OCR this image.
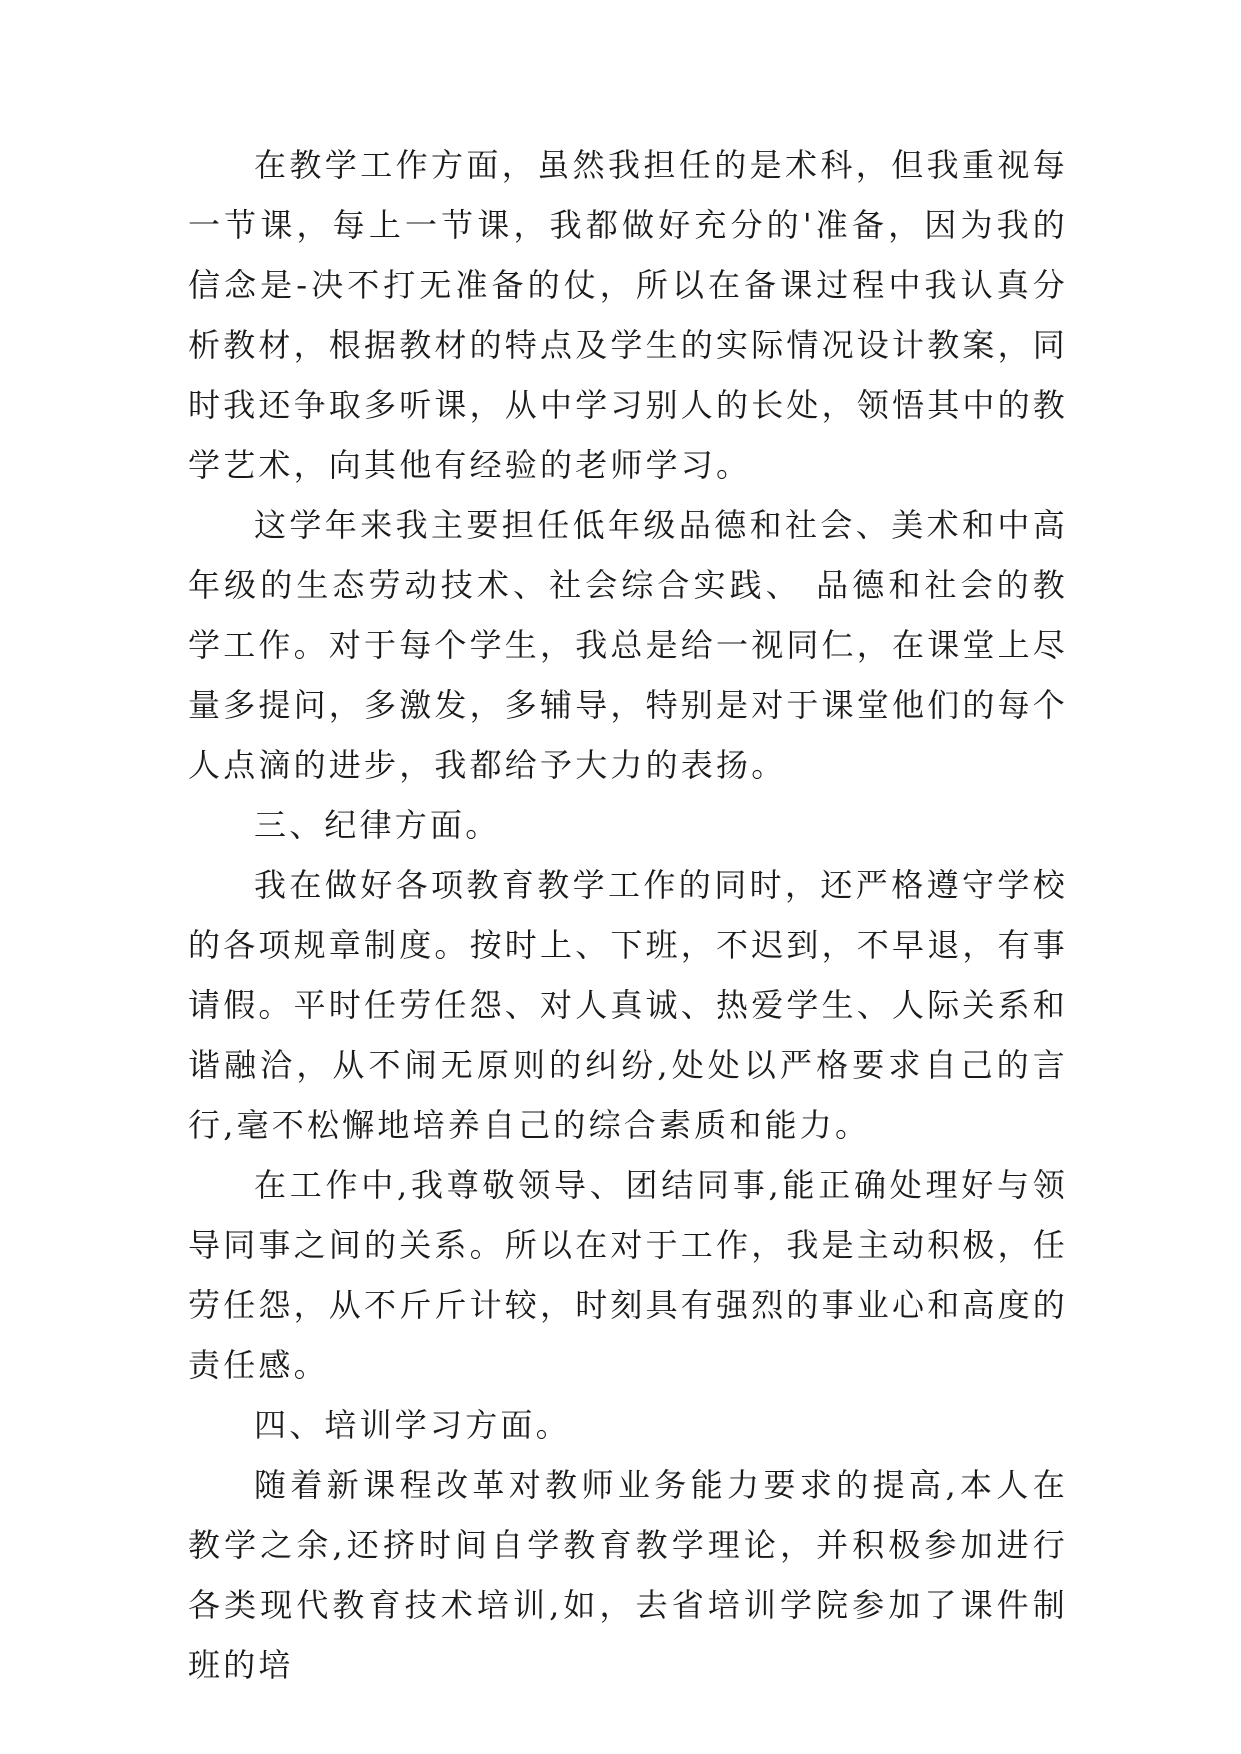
在教学工作方面，虽然我担任的是术科，但我重视每一节课，每上一节课，我都做好充分的'准备，因为我的信念是-决不打无准备的仗，所以在备课过程中我认真分析教材，根据教材的特点及学生的实际情况设计教案，同时我还争取多听课，从中学习别人的长处，领悟其中的教学艺术，向其他有经验的老师学习。

这学年来我主要担任低年级品德和社会、美术和中高年级的生态劳动技术、社会综合实践、 品德和社会的教学工作。对于每个学生，我总是给一视同仁，在课堂上尽量多提问，多激发，多辅导，特别是对于课堂他们的每个人点滴的进步，我都给予大力的表扬。

三、纪律方面。

我在做好各项教育教学工作的同时，还严格遵守学校的各项规章制度。按时上、下班，不迟到，不早退，有事请假。平时任劳任怨、对人真诚、热爱学生、人际关系和谐融洽，从不闹无原则的纠纷,处处以严格要求自己的言行,毫不松懈地培养自己的综合素质和能力。

在工作中,我尊敬领导、团结同事,能正确处理好与领导同事之间的关系。所以在对于工作，我是主动积极，任劳任怨，从不斤斤计较，时刻具有强烈的事业心和高度的责任感。

四、培训学习方面。

随着新课程改革对教师业务能力要求的提高,本人在教学之余,还挤时间自学教育教学理论，并积极参加进行各类现代教育技术培训,如，去省培训学院参加了课件制班的培
